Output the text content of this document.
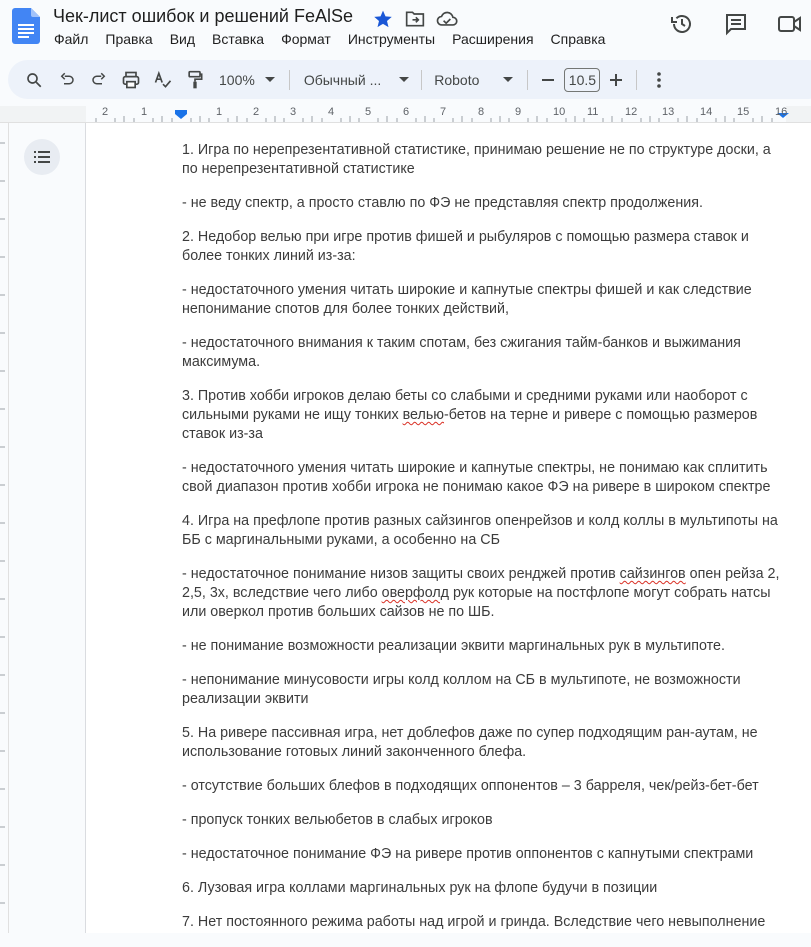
Чек-лист ошибок и решений FeAlSe
Файл Правка Вид Вставка Формат Инструменты Расширения Справка
100%	Обычный ...	Roboto	10.5
2	1	1	2	3	4	5	6	7	8	9	10 11 12 13 14 15 16

1. Игра по нерепрезентативной статистике, принимаю решение не по структуре доски, а по нерепрезентативной статистике

- не веду спектр, а просто ставлю по ФЭ не представляя спектр продолжения.

2. Недобор велью при игре против фишей и рыбуляров с помощью размера ставок и более тонких линий из-за:

- недостаточного умения читать широкие и капнутые спектры фишей и как следствие непонимание спотов для более тонких действий,

- недостаточного внимания к таким спотам, без сжигания тайм-банков и выжимания максимума.

3. Против хобби игроков делаю беты со слабыми и средними руками или наоборот с сильными руками не ищу тонких велью-бетов на терне и ривере с помощью размеров ставок из-за

- недостаточного умения читать широкие и капнутые спектры, не понимаю как сплитить свой диапазон против хобби игрока не понимаю какое ФЭ на ривере в широком спектре

4. Игра на префлопе против разных сайзингов опенрейзов и колд коллы в мультипоты на ББ с маргинальными руками, а особенно на СБ

- недостаточное понимание низов защиты своих ренджей против сайзингов опен рейза 2, 2,5, 3х, вследствие чего либо оверфолд рук которые на постфлопе могут собрать натсы или оверкол против больших сайзов не по ШБ.

- не понимание возможности реализации эквити маргинальных рук в мультипоте.

- непонимание минусовости игры колд коллом на СБ в мультипоте, не возможности реализации эквити

5. На ривере пассивная игра, нет доблефов даже по супер подходящим ран-аутам, не использование готовых линий законченного блефа.

- отсутствие больших блефов в подходящих оппонентов – 3 барреля, чек/рейз-бет-бет

- пропуск тонких вельюбетов в слабых игроков

- недостаточное понимание ФЭ на ривере против оппонентов с капнутыми спектрами

6. Лузовая игра коллами маргинальных рук на флопе будучи в позиции

7. Нет постоянного режима работы над игрой и гринда. Вследствие чего невыполнение
